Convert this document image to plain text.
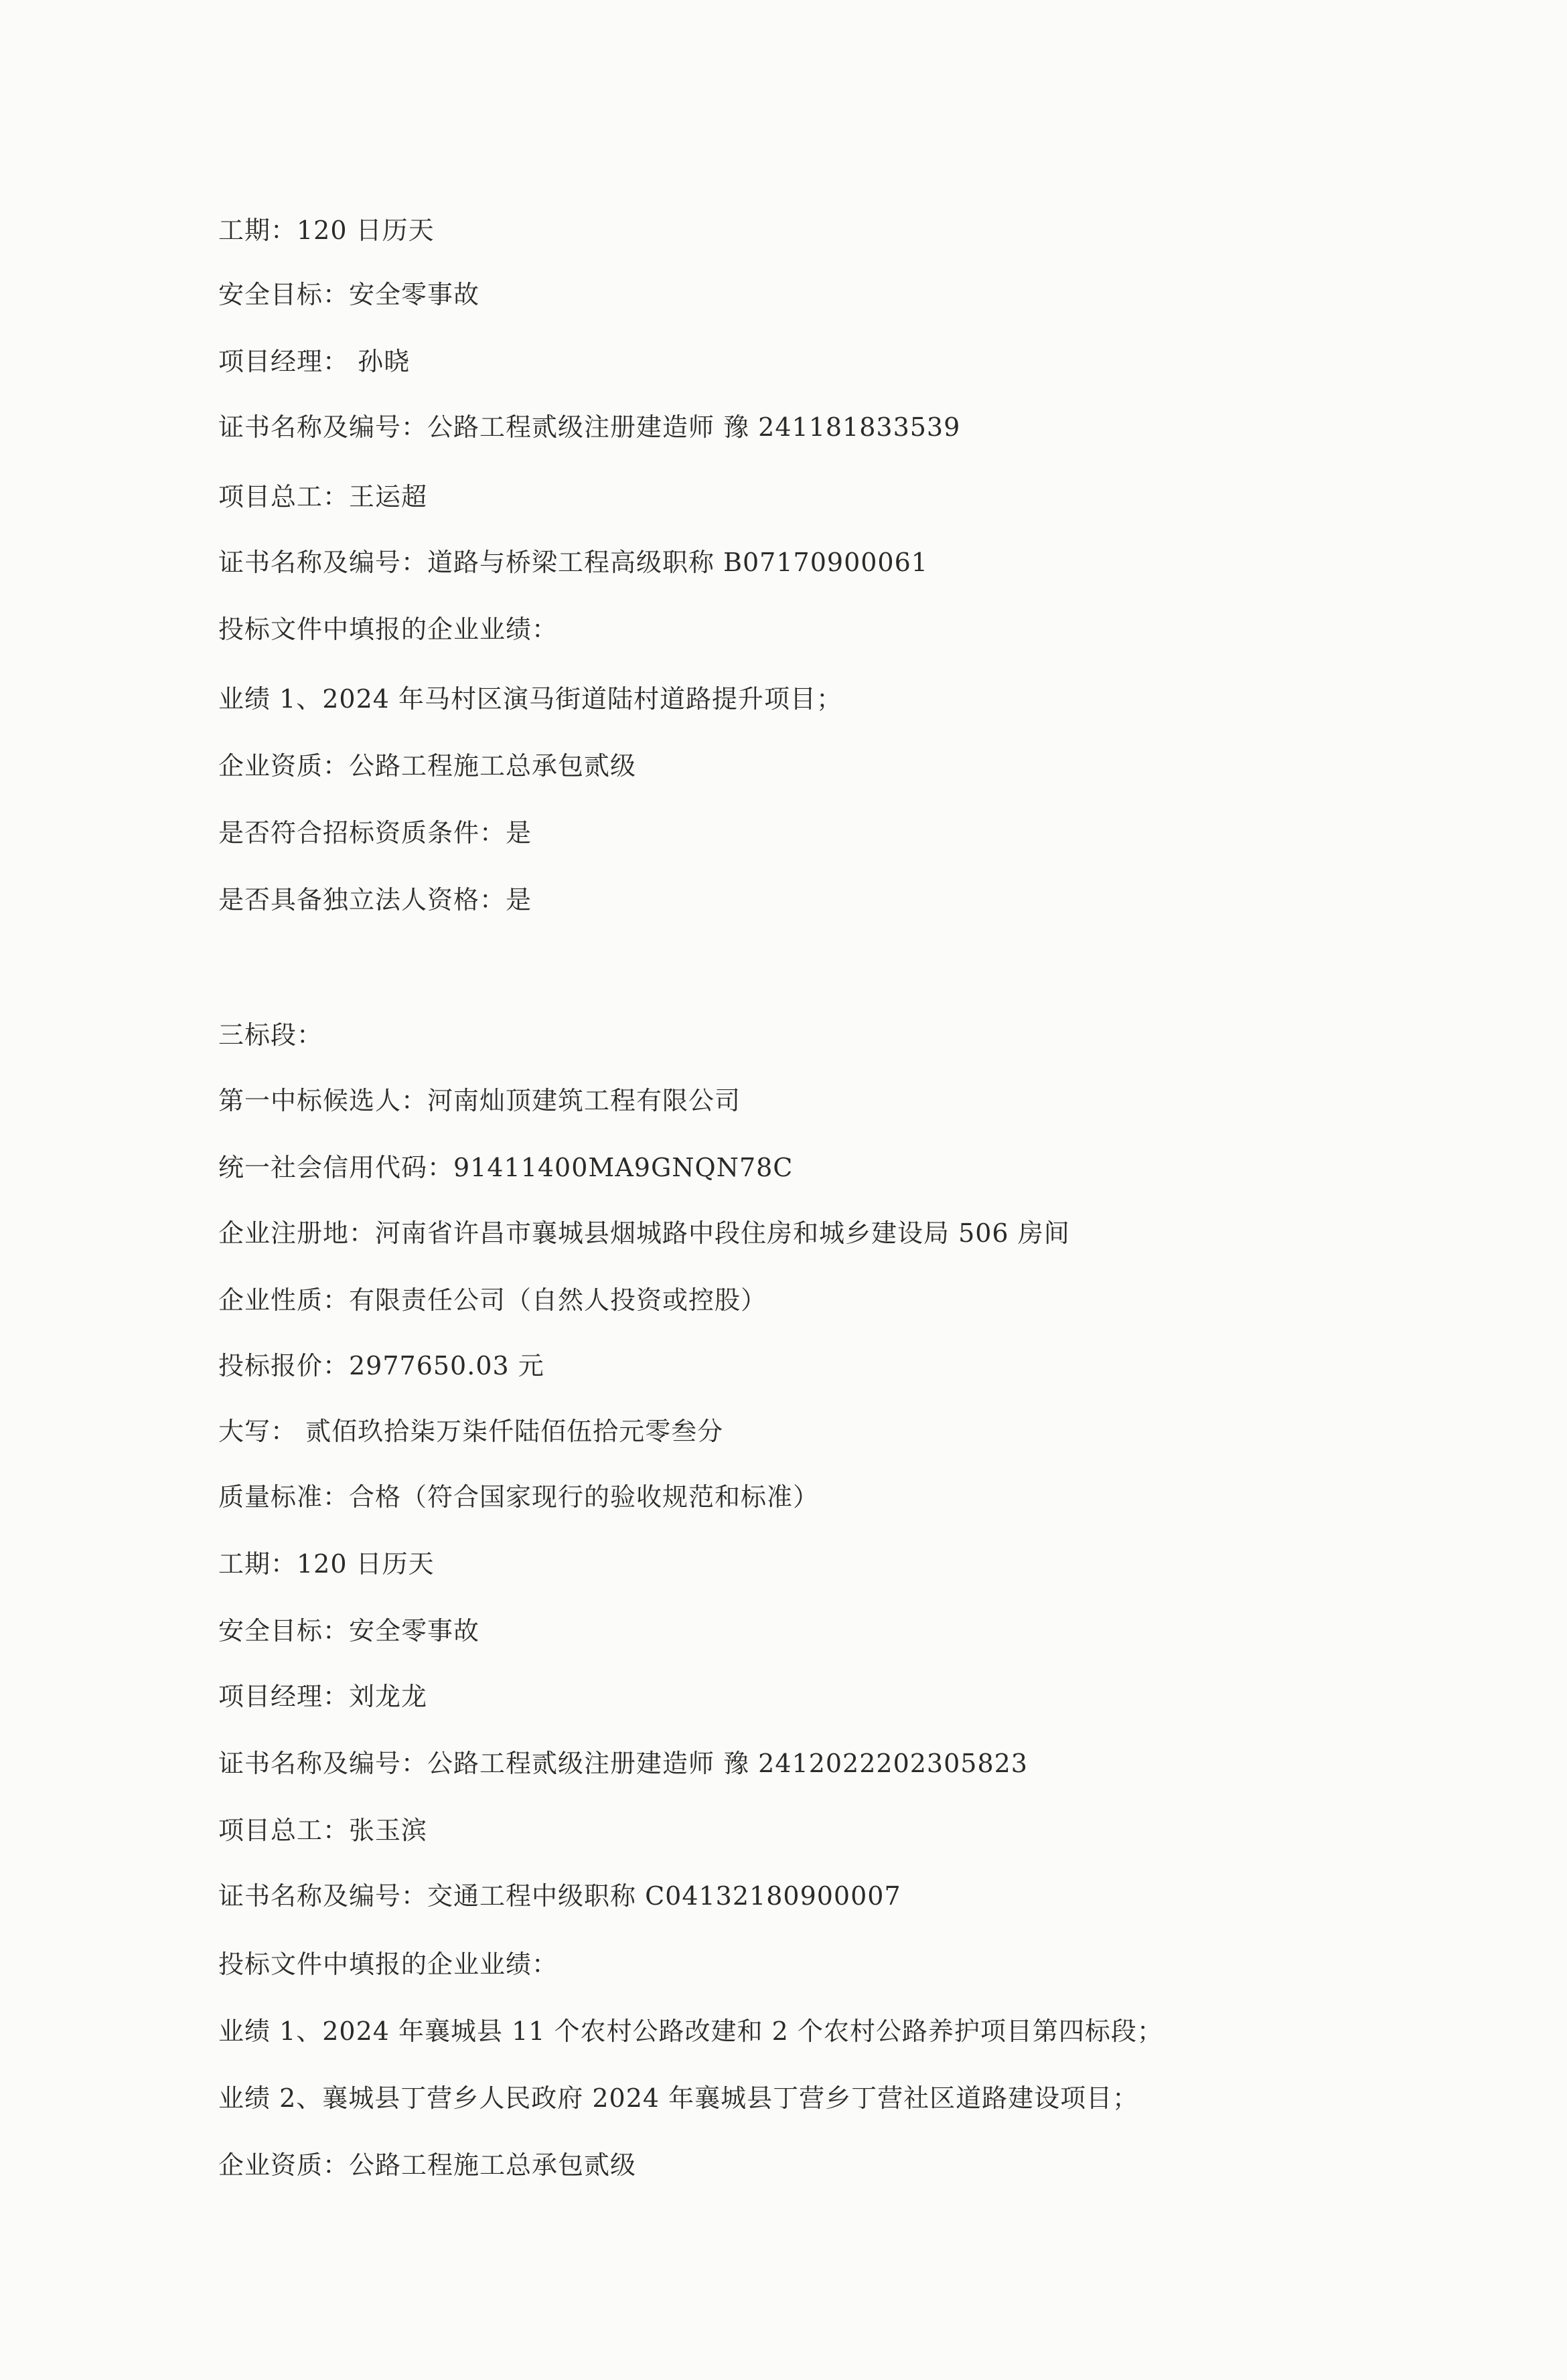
工期：120 日历天
安全目标：安全零事故
项目经理： 孙晓
证书名称及编号：公路工程贰级注册建造师 豫 241181833539
项目总工：王运超
证书名称及编号：道路与桥梁工程高级职称 B07170900061
投标文件中填报的企业业绩：
业绩 1、2024 年马村区演马街道陆村道路提升项目；
企业资质：公路工程施工总承包贰级
是否符合招标资质条件：是
是否具备独立法人资格：是
三标段：
第一中标候选人：河南灿顶建筑工程有限公司
统一社会信用代码：91411400MA9GNQN78C
企业注册地：河南省许昌市襄城县烟城路中段住房和城乡建设局 506 房间
企业性质：有限责任公司（自然人投资或控股）
投标报价：2977650.03 元
大写： 贰佰玖拾柒万柒仟陆佰伍拾元零叁分
质量标准：合格（符合国家现行的验收规范和标准）
工期：120 日历天
安全目标：安全零事故
项目经理：刘龙龙
证书名称及编号：公路工程贰级注册建造师 豫 2412022202305823
项目总工：张玉滨
证书名称及编号：交通工程中级职称 C04132180900007
投标文件中填报的企业业绩：
业绩 1、2024 年襄城县 11 个农村公路改建和 2 个农村公路养护项目第四标段；
业绩 2、襄城县丁营乡人民政府 2024 年襄城县丁营乡丁营社区道路建设项目；
企业资质：公路工程施工总承包贰级
